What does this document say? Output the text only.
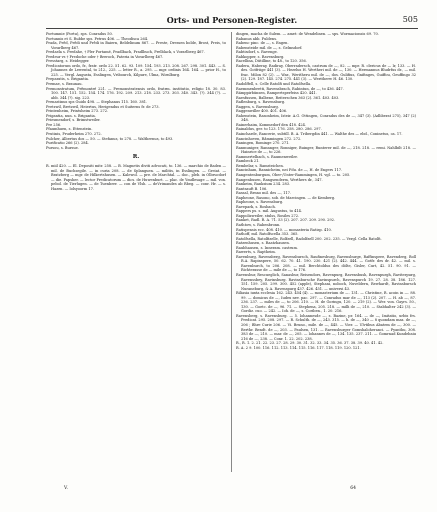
Orts- und Personen-Register.	505

Portumnie (Portu), sps. Conradus 50.

Portunnis et S. Rubbe sps. Petrus 406. — Theodisca 264.

Prada, Prêd, Prêdi und Prêdi in Baiern, Beldelinum 867. — Preste, Dressen bolde, Brost, Preis, to Vorarlberg 467.

Predaela s. Predahe, † Pler Portamë, Pradlbach, Pradlbuch, Prelblack, s Vorarlberg 467.

Predeur vs † Predoche oder † Breroch, Pateria in Vorarlberg 467.

Presstarg, s. Heidegger.

Predicatorum ordo, fr., fratr. ordo 22. 51. 62. 93. 109. 154. 193. 213. 208. 267. 298. 301. 443. — S. Johannes de Lewental, to 212., 225. — letter R., a. 295. — mgr. ordinis 164. 164. — prior H., to 225. — Vergl. Augusta, Esslingen, Vribourch, Kilpure, Ulma, Wirnlburg.

Preparatis, s. Brigantia.

Premae, s. Braunau.

Premonstratum, Prêmontré 221. — Premonstratensis ordo, fratrm. institutio, religio 18. 30. 83. 100. 147. 151. 152. 154. 174. 176. 192. 209. 213. 218. 233. 273. 303. 340. 343. (?). 344 (?). — abb. 344 (?). sig. 223.

Prenastinus sps Guido 498. — Stephanus 115. 160. 381.

Pretzwil, Bretzwil, Heiertus, Herigendus et Suiterns fr. de 273.

Printenheim, Printsheim 273. 272.

Prigantia, nun. s. Brigantia.

Priesmendorf, s. Brimstweiler.

Pre 256.

Pfaumhuen, s. Ettenstein.

Prutinis, Pruderheim 270. 272.

Pulcher, Albertus dos — 50. — Stefanus, to 278. — Walthernus, to 493.

Purificatio 266 (2). 284.

Pursou, s. Bursue.

R.

R. miil 420. — El. Depositi mitr. 258. — B. Magnetis diviti advocati, to. 136. — marchio de Baden — mil. de Buchsegile. — in curia 208. — de Splanguen. — militis, in Esslingen. — Greiat. — Bratzberg — mgr. de Hilkertshusen. — Kalewol. — pre. de Marchtal. — doc., pleb. in Olbrucdorf — die. Papsher. — lector Predicatorum — dics. de Huwenburt. — plac. de Ymdlesage — mil. von. pebol. de Tierlugen. — de Tuenberr. — con de Vlsh. — deVrimandes ab Rbeg. — conr. Hr. — s. Hazen. — Iolsyoorm 17.

dingen, macha de Sulem. — amet: de Wendelinen. — sps. Wormacionsis 69. 70.

Rabanus abb. Fuldens.

Rabenc pinc. de —, s. Engen.

Rabensteide mil. de —, s. Gelmsdorf.

Rabtisdorf, s. Ravenge.

Rabkopper, s. Ravensburg.

Racellina, Dütilline, to 48., to 120. 356.

Radera, Haberay, Radiray, Oberradersch, castrum de —, 82. — mpr. R. clericus de — Ir, 133. — H. des. Gotfriige 441 (3). — Hezelus H. Wertheri mil. de —, 130. — Hermannus Bludrfus dr., — mil. frac. Milon 82 (2). — War., Weritheru mil. de —, dos. Gulifius, Gnifinges, Guiffou, Geuffingo 32 (2). 129. 187. 145. 274. 275. 441 (3). — Weritherw H. 46. 130.

Radolffell, s. Celle Ratolfi und Ratolfsella.

Raemmenbretti, Ravensbrach, Rabintun, de —, to 436. 447.

Rämppirbünsen, Rampertsperfeiss 420. 441.

Raesfussen, Balbene, Reiterschen 363 (2). 361. 403. 403.

Raflenburg, s. Ravensburg.

Raggen, s. Ravensburg.

Raggenwiller 400. 401. 406.

Rahenstein, Rasonheim, Isteir. A.G. Ottingen, Conradus des de —, 347 (3). (Adliberat 275), 347 (2) 348.

Rainerhaim, Kommedorf den 418. 424.

Rainaldus, ger. to 123. 176. 258. 280. 286. 297.

Raincharde, Rancerie, subtill. B. A. Tribergdin 441. — Walthe des — ebd., Coninetus, ca. 17.

Rancinhoven, Râmmingen 272. 272.

Raningen, Rominge 270. 271.

Ranmuniger, Rannnger, Ronniger, Buinger, Runterer mil. de —, 218. 218. — remi. Nahlbilt 218. — Hainrice de —, to 226.

Rammertelbach, s. Raumenweiler.

Rambeck 21.

Rembelar, s. Ramsteichen.

Rancinham, Rannicheim, nei Fdu. de —, H. de Engers 117.

Rangentenburgum, Ober-/Unter-Rammingen, H. vgl. — to. 205.

Rangenbusen, Rangsenderm, Werthers dr., 347.

Rankeim, Ranksium 234. 283.

Rantsauft B. 106.

Rassal, Brnno mil. des —, 117.

Rapheone, Rasono, sob. de Marcingen. — de Kemberg.

Rapheone, s. Ravensburg.

Ravepark, s. Rosbach.

Rappers ps. s. mil. Augustus, to 414.

Rappolizweiler, stulss, Rosiles 272.

Ranket, Radl. R. A. 71. 53 (2). 207. 207. 209. 290. 292.

Rathtow, s. Rabenbronn.

Ratispensis ecc. 408. 410. — monasteria Ratisp. 410.

Rathoff, mil. Ratolfscella 353. 365.

Ratolfsella, Ratolfizelle, Rolfzell, Radolfzell 200. 202. 235. — Vergl. Cella Ratolfi.

Ratzenhusen, s. Raatzhausen.

Raubhausen, s. Inneram. castrum.

Rawerts, s. Raptheim.

Ravenburg, Ravensberg, Ravensbursch, Raufinesburg, Ravensburge, Raffinspere, Ravenderg, Boll R.A. Rapinspere, 50. 62. 70. 41. 190. 230. 421 (2). 442. 444. — Gotfr. des dr. 42. — mil. s. Ravenburch, to 206. 208. — mil. Berchtoldus des dölte, Gisler, Curt, 42. 51. 90. 91. — Richterasse de — mile de —, to 176.

Ravensbur, Rescueglich, Sanasbur, Reisendors, Ravenpurg, Ravensbush, Ravenpurgh, Raviterpurg, Ravenssbey, Ravinsburg. Ravinsbursche Ravinspurch, Ravenspurch 19. 27. 28. 38. 186. 127. 151. 159. 205. 299. 300. 452 (apple), Stephani, noboch, Nuveldern, Rewhardt, Ravinsbursch Nuraneburg, & A. Ravenspurg 437. 426. 451. — universi 43.

Riliasia iuxta ecclesia 162. 243. 454 (4). — monasterium de —. 131. — Christine, R. acoin in —. 88. 99. — domicus de —, Iudex nev. pac. 297. — Conradus mar de —, 113 (2). 207. — H. ab —, 87. 236. 237. — miles de —, to 206. 210. — H. de Goringu, 120. — 219 (2). — Wer. von. Gayrs. 50., 130. — Goetc. de —, 96. 71. — Stephena, 205. 218. — milli de —, 210. — Stabhalter 242 (3). — Gordiz. cuo. — 242. — Ioh. de —, s. Coriben., 1. 20. 216.

Ravensberg, s. Ravensburg. — 5. Iohannesde —, s. Bazine, pr. 164. — de —, Imitatio, urbis frs. Predicat. 295. 208. 297. — R. Schulth. de —, 243. 315. — h. de —, 340 — 8 quondam maz. de —, 206 ; Bhre Curie 206. — Vi. Bruno., mile. de —, 445. — Vier. — Ulvtibus Abatem de —, 300. — Berthr. Bendt. de —, 203. — Paulsen, 131. — Ravensburger Gomshaloheranci. — Pyanthu, 308. 383 de —, 210. — mar. de —, 205. — Iohannes de —, 134. 135. 237. 211. — Gomrnad Kundebaiu 216 de —, 238. — Conr. 1. 22. 202. 238.

R., R. 1. 2. 21. 22. 23. 27. 28. 29. 30. 31. 32. 33. 34. 35. 36. 37. 38. 39. 40. 41. 42.

R. A. 2 9. 100. 116. 112. 113. 114. 115. 116. 117. 118. 119. 120. 121.

V.	64
